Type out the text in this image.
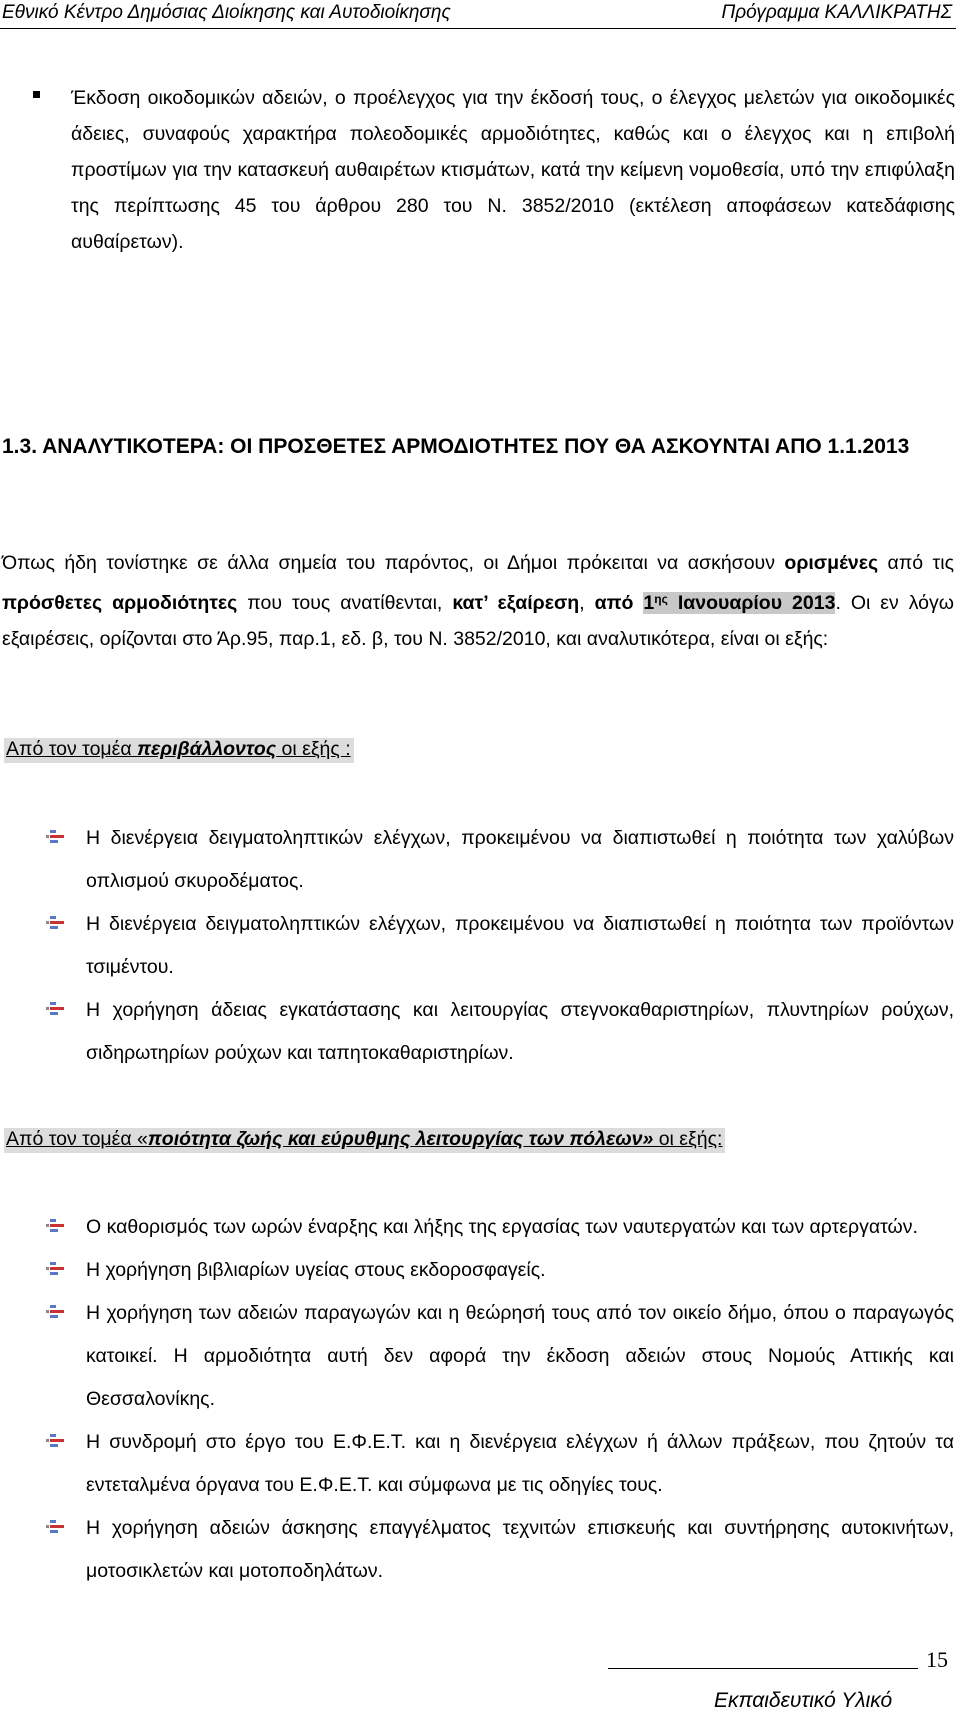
Εθνικό Κέντρο Δημόσιας Διοίκησης και Αυτοδιοίκησης	Πρόγραμμα ΚΑΛΛΙΚΡΑΤΗΣ
Έκδοση οικοδομικών αδειών, ο προέλεγχος για την έκδοσή τους, ο έλεγχος μελετών για οικοδομικές άδειες, συναφούς χαρακτήρα πολεοδομικές αρμοδιότητες, καθώς και ο έλεγχος και η επιβολή προστίμων για την κατασκευή αυθαιρέτων κτισμάτων, κατά την κείμενη νομοθεσία, υπό την επιφύλαξη της περίπτωσης 45 του άρθρου 280 του Ν. 3852/2010 (εκτέλεση αποφάσεων κατεδάφισης αυθαίρετων).
1.3. ΑΝΑΛΥΤΙΚΟΤΕΡΑ: ΟΙ ΠΡΟΣΘΕΤΕΣ ΑΡΜΟΔΙΟΤΗΤΕΣ ΠΟΥ ΘΑ ΑΣΚΟΥΝΤΑΙ ΑΠΟ 1.1.2013
Όπως ήδη τονίστηκε σε άλλα σημεία του παρόντος, οι Δήμοι πρόκειται να ασκήσουν ορισμένες από τις πρόσθετες αρμοδιότητες που τους ανατίθενται, κατ’ εξαίρεση, από $1^{\eta\varsigma}$ Ιανουαρίου 2013. Οι εν λόγω εξαιρέσεις, ορίζονται στο Άρ.95, παρ.1, εδ. β, του Ν. 3852/2010, και αναλυτικότερα, είναι οι εξής:
Από τον τομέα περιβάλλοντος οι εξής :
Η διενέργεια δειγματοληπτικών ελέγχων, προκειμένου να διαπιστωθεί η ποιότητα των χαλύβων οπλισμού σκυροδέματος.
Η διενέργεια δειγματοληπτικών ελέγχων, προκειμένου να διαπιστωθεί η ποιότητα των προϊόντων τσιμέντου.
Η χορήγηση άδειας εγκατάστασης και λειτουργίας στεγνοκαθαριστηρίων, πλυντηρίων ρούχων, σιδηρωτηρίων ρούχων και ταπητοκαθαριστηρίων.
Από τον τομέα «ποιότητα ζωής και εύρυθμης λειτουργίας των πόλεων» οι εξής:
Ο καθορισμός των ωρών έναρξης και λήξης της εργασίας των ναυτεργατών και των αρτεργατών.
Η χορήγηση βιβλιαρίων υγείας στους εκδοροσφαγείς.
Η χορήγηση των αδειών παραγωγών και η θεώρησή τους από τον οικείο δήμο, όπου ο παραγωγός κατοικεί. Η αρμοδιότητα αυτή δεν αφορά την έκδοση αδειών στους Νομούς Αττικής και Θεσσαλονίκης.
Η συνδρομή στο έργο του Ε.Φ.Ε.Τ. και η διενέργεια ελέγχων ή άλλων πράξεων, που ζητούν τα εντεταλμένα όργανα του Ε.Φ.Ε.Τ. και σύμφωνα με τις οδηγίες τους.
Η χορήγηση αδειών άσκησης επαγγέλματος τεχνιτών επισκευής και συντήρησης αυτοκινήτων, μοτοσικλετών και μοτοποδηλάτων.
15
Εκπαιδευτικό Υλικό
